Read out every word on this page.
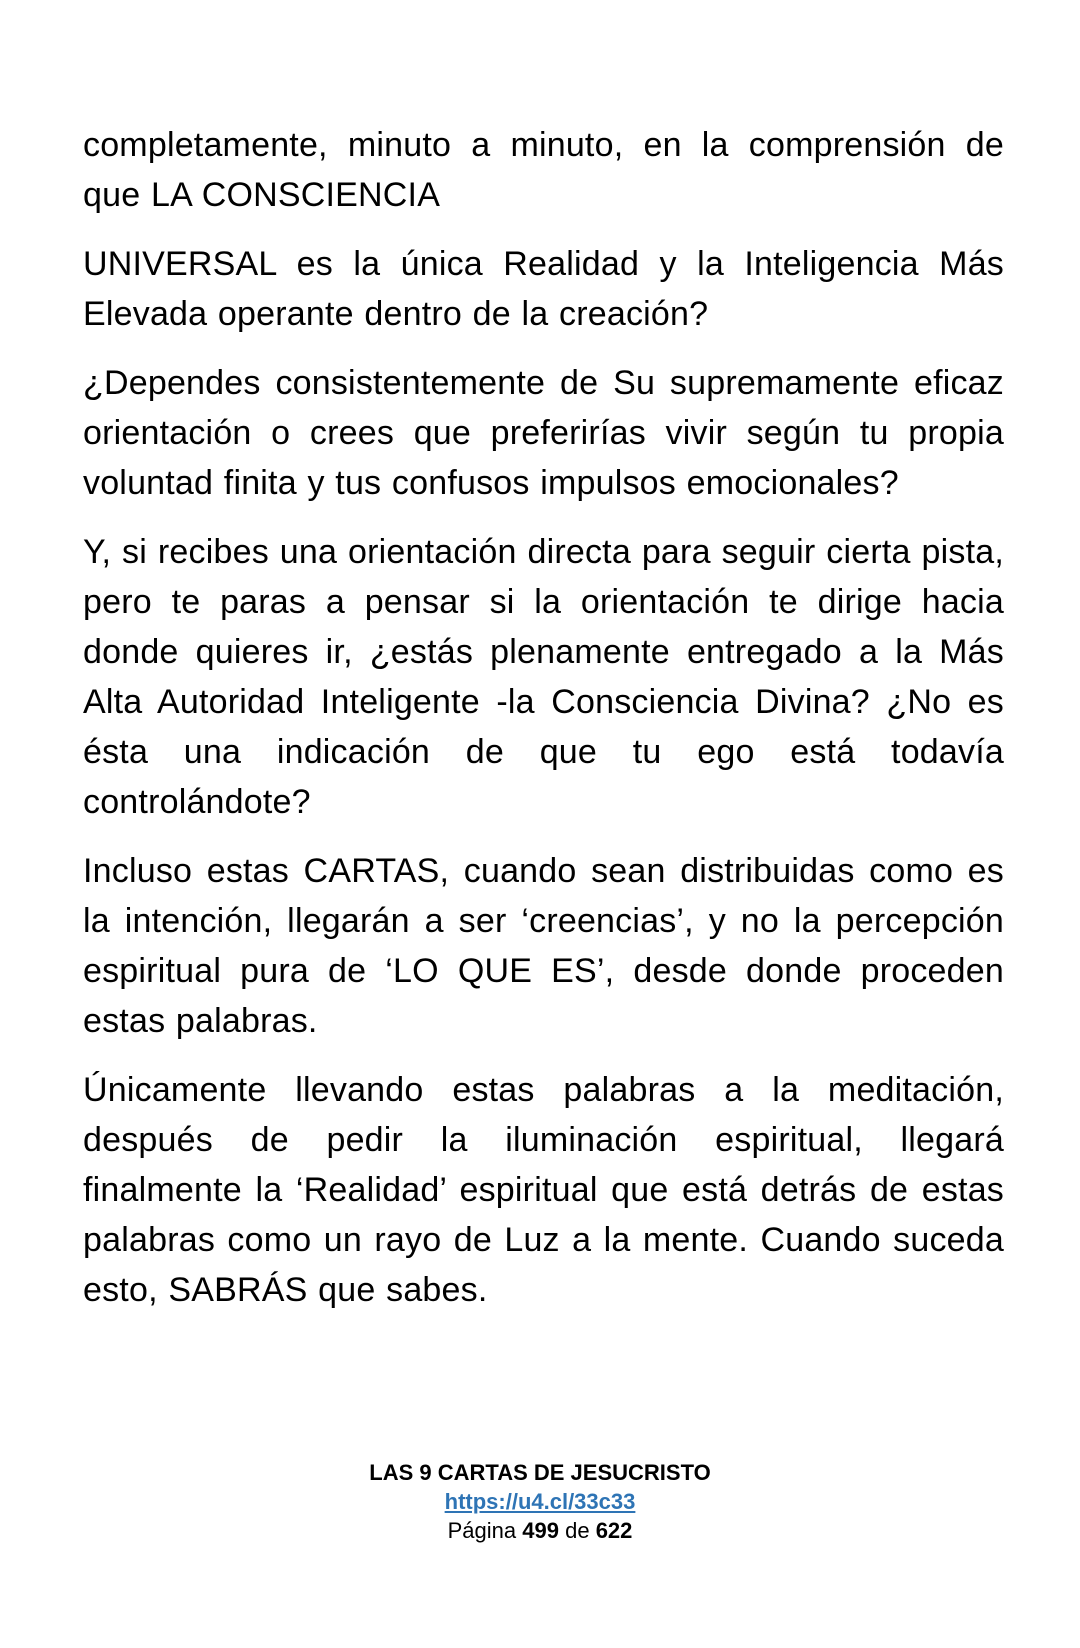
completamente, minuto a minuto, en la comprensión de que LA CONSCIENCIA

UNIVERSAL es la única Realidad y la Inteligencia Más Elevada operante dentro de la creación?

¿Dependes consistentemente de Su supremamente eficaz orientación o crees que preferirías vivir según tu propia voluntad finita y tus confusos impulsos emocionales?

Y, si recibes una orientación directa para seguir cierta pista, pero te paras a pensar si la orientación te dirige hacia donde quieres ir, ¿estás plenamente entregado a la Más Alta Autoridad Inteligente -la Consciencia Divina? ¿No es ésta una indicación de que tu ego está todavía controlándote?

Incluso estas CARTAS, cuando sean distribuidas como es la intención, llegarán a ser ‘creencias’, y no la percepción espiritual pura de ‘LO QUE ES’, desde donde proceden estas palabras.

Únicamente llevando estas palabras a la meditación, después de pedir la iluminación espiritual, llegará finalmente la ‘Realidad’ espiritual que está detrás de estas palabras como un rayo de Luz a la mente. Cuando suceda esto, SABRÁS que sabes.

LAS 9 CARTAS DE JESUCRISTO
https://u4.cl/33c33
Página 499 de 622
